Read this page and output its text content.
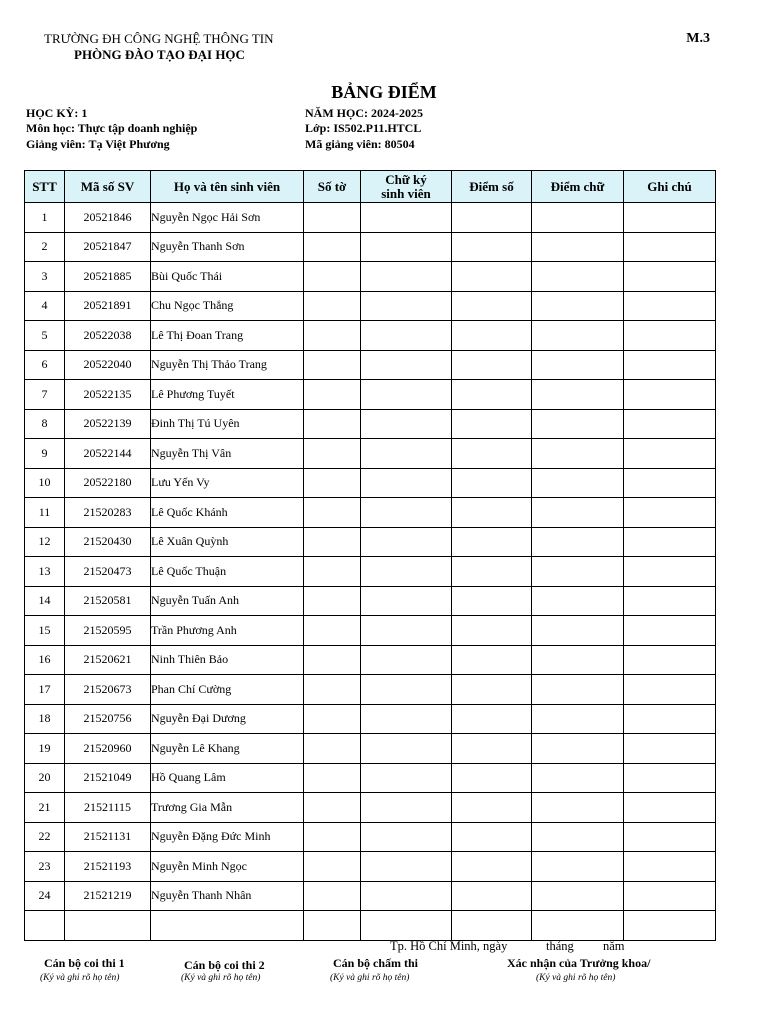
TRƯỜNG ĐH CÔNG NGHỆ THÔNG TIN
PHÒNG ĐÀO TẠO ĐẠI HỌC
M.3
BẢNG ĐIỂM
HỌC KỲ: 1
Môn học: Thực tập doanh nghiệp
Giảng viên: Tạ Việt Phương
NĂM HỌC: 2024-2025
Lớp: IS502.P11.HTCL
Mã giảng viên: 80504
STT	Mã số SV	Họ và tên sinh viên	Số tờ	Chữ ký sinh viên	Điểm số	Điểm chữ	Ghi chú
1	20521846	Nguyễn Ngọc Hải Sơn					
2	20521847	Nguyễn Thanh Sơn					
3	20521885	Bùi Quốc Thái					
4	20521891	Chu Ngọc Thắng					
5	20522038	Lê Thị Đoan Trang					
6	20522040	Nguyễn Thị Thảo Trang					
7	20522135	Lê Phương Tuyết					
8	20522139	Đinh Thị Tú Uyên					
9	20522144	Nguyễn Thị Vân					
10	20522180	Lưu Yến Vy					
11	21520283	Lê Quốc Khánh					
12	21520430	Lê Xuân Quỳnh					
13	21520473	Lê Quốc Thuận					
14	21520581	Nguyễn Tuấn Anh					
15	21520595	Trần Phương Anh					
16	21520621	Ninh Thiên Bảo					
17	21520673	Phan Chí Cường					
18	21520756	Nguyễn Đại Dương					
19	21520960	Nguyễn Lê Khang					
20	21521049	Hồ Quang Lâm					
21	21521115	Trương Gia Mẫn					
22	21521131	Nguyễn Đặng Đức Minh					
23	21521193	Nguyễn Minh Ngọc					
24	21521219	Nguyễn Thanh Nhân					

Tp. Hồ Chí Minh, ngày	tháng năm
Cán bộ coi thi 1
(Ký và ghi rõ họ tên)
Cán bộ coi thi 2
(Ký và ghi rõ họ tên)
Cán bộ chấm thi
(Ký và ghi rõ họ tên)
Xác nhận của Trưởng khoa/
(Ký và ghi rõ họ tên)
